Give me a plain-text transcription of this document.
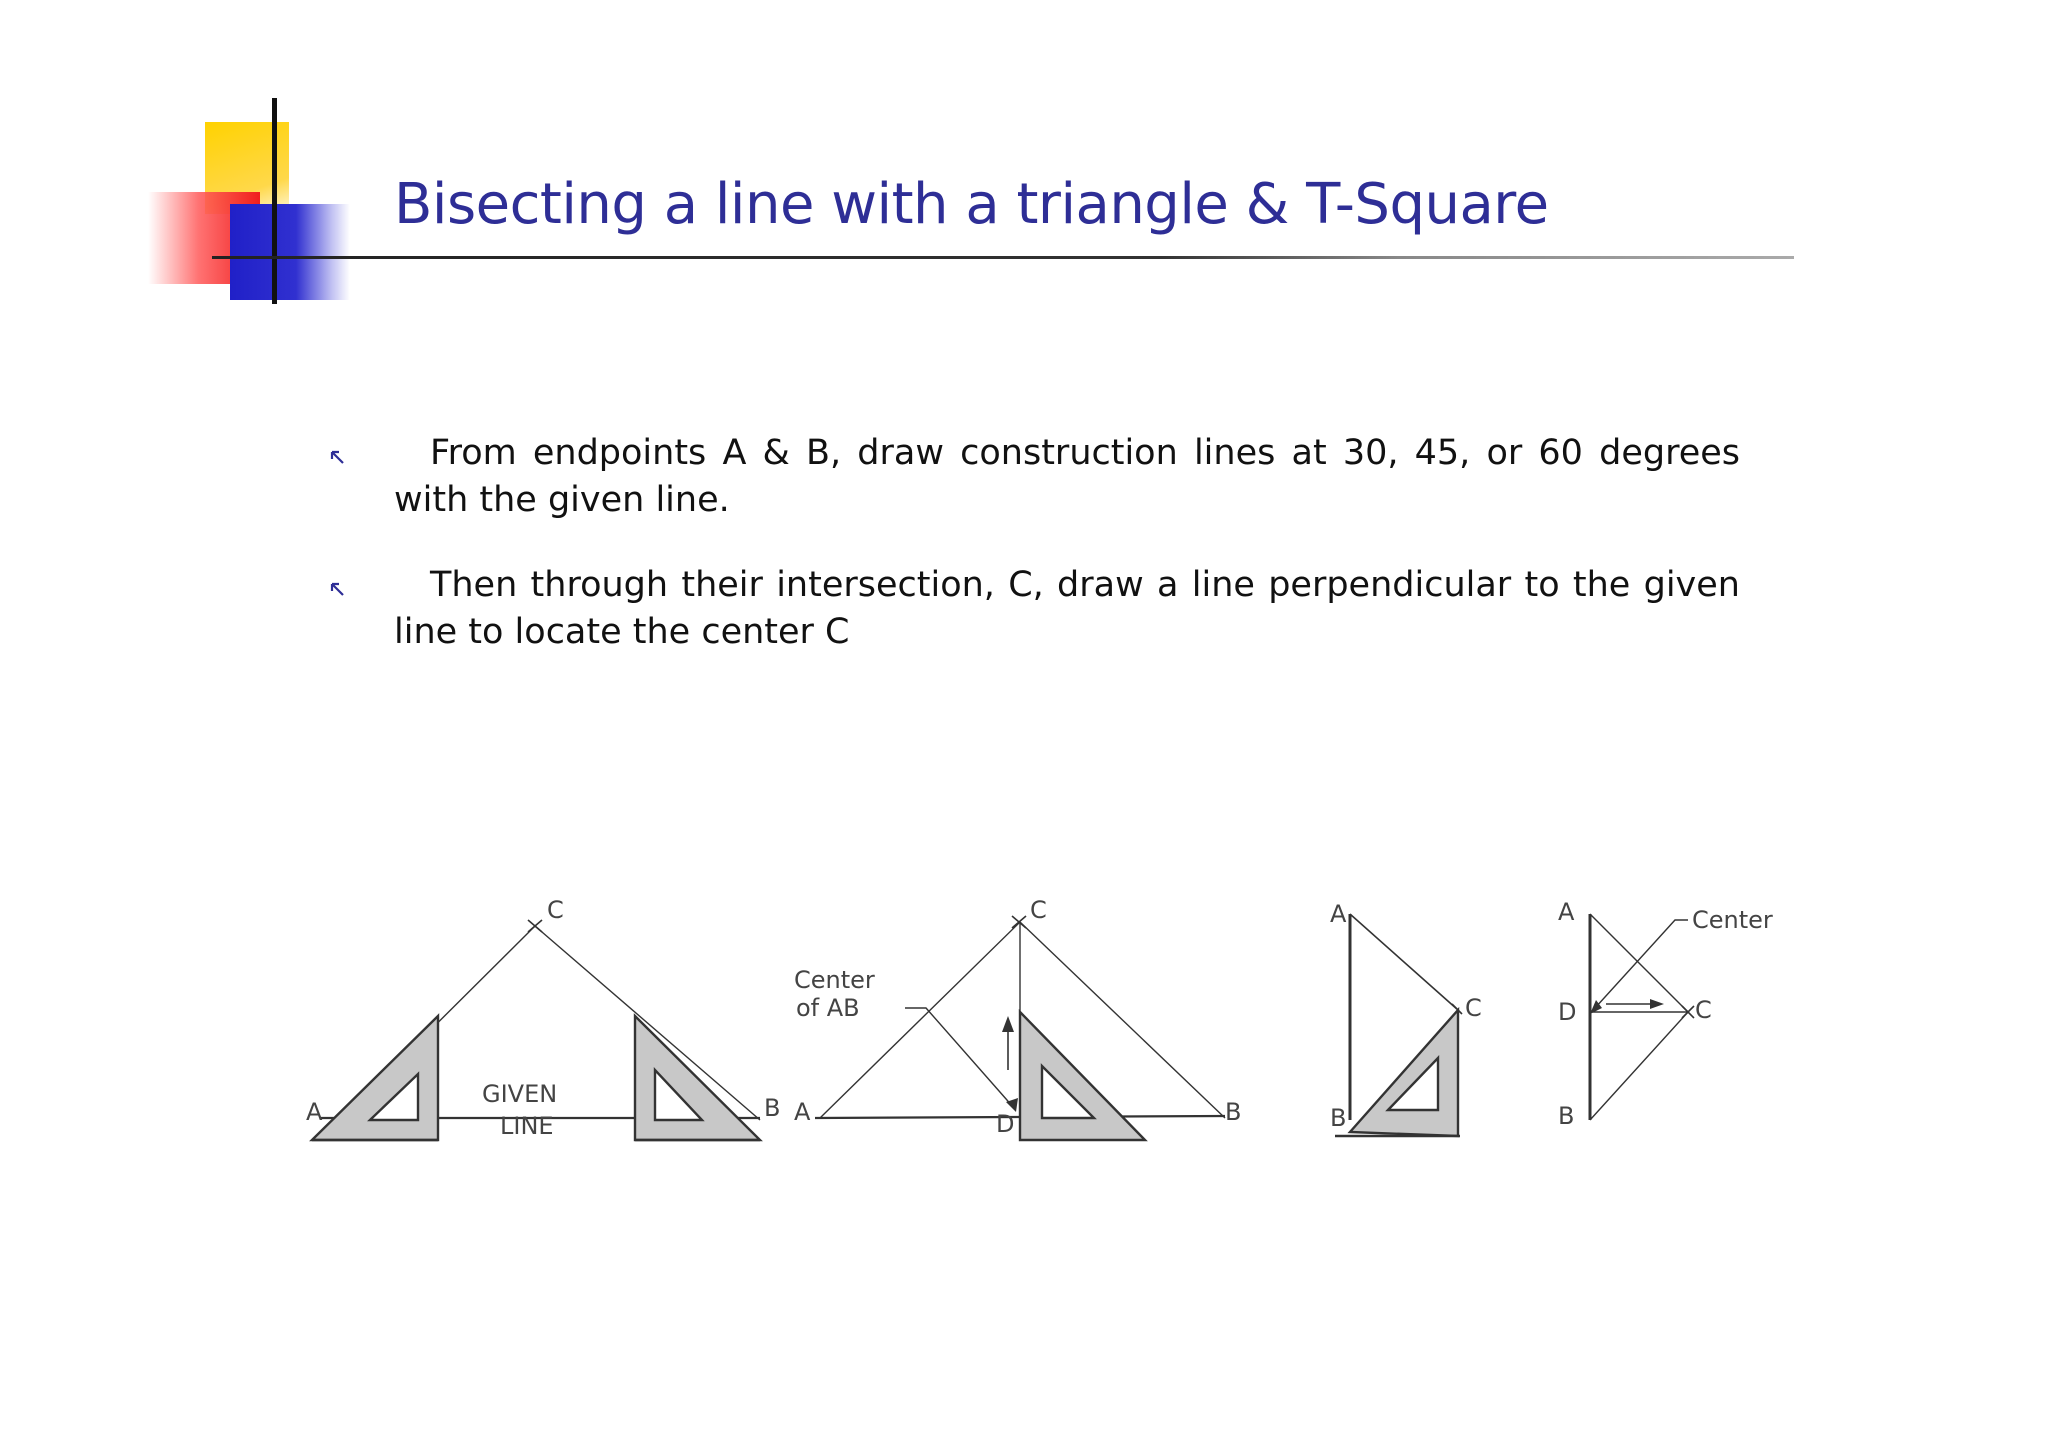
Bisecting a line with a triangle & T-Square
From endpoints A & B, draw construction lines at 30, 45, or 60 degrees with the given line.
Then through their intersection, C, draw a line perpendicular to the given line to locate the center C
C
A	B
GIVEN
LINE
C
A	B
D
Center
of AB
A
B
C
A
B
C
D
Center
